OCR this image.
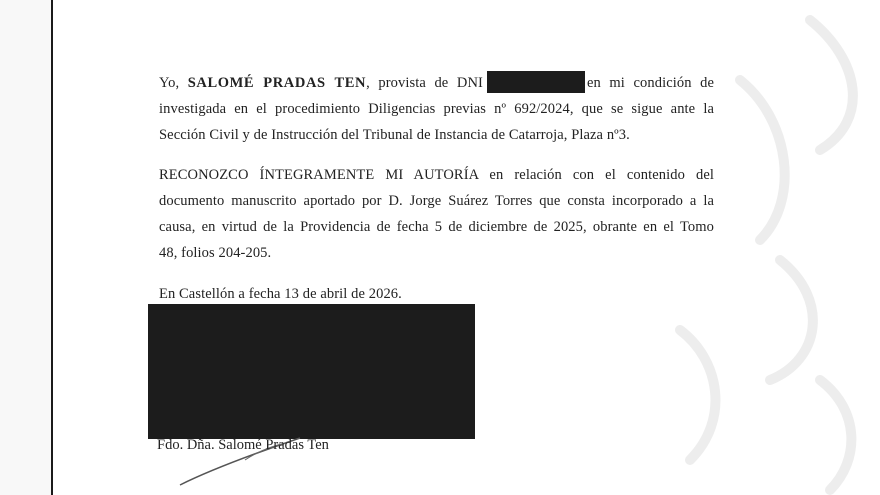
Yo, SALOMÉ PRADAS TEN, provista de DNI	en mi condición de
investigada en el procedimiento Diligencias previas nº 692/2024, que se sigue ante la
Sección Civil y de Instrucción del Tribunal de Instancia de Catarroja, Plaza nº3.
RECONOZCO ÍNTEGRAMENTE MI AUTORÍA en relación con el contenido del
documento manuscrito aportado por D. Jorge Suárez Torres que consta incorporado a la
causa, en virtud de la Providencia de fecha 5 de diciembre de 2025, obrante en el Tomo
48, folios 204-205.
En Castellón a fecha 13 de abril de 2026.
Fdo. Dña. Salomé Pradas Ten
